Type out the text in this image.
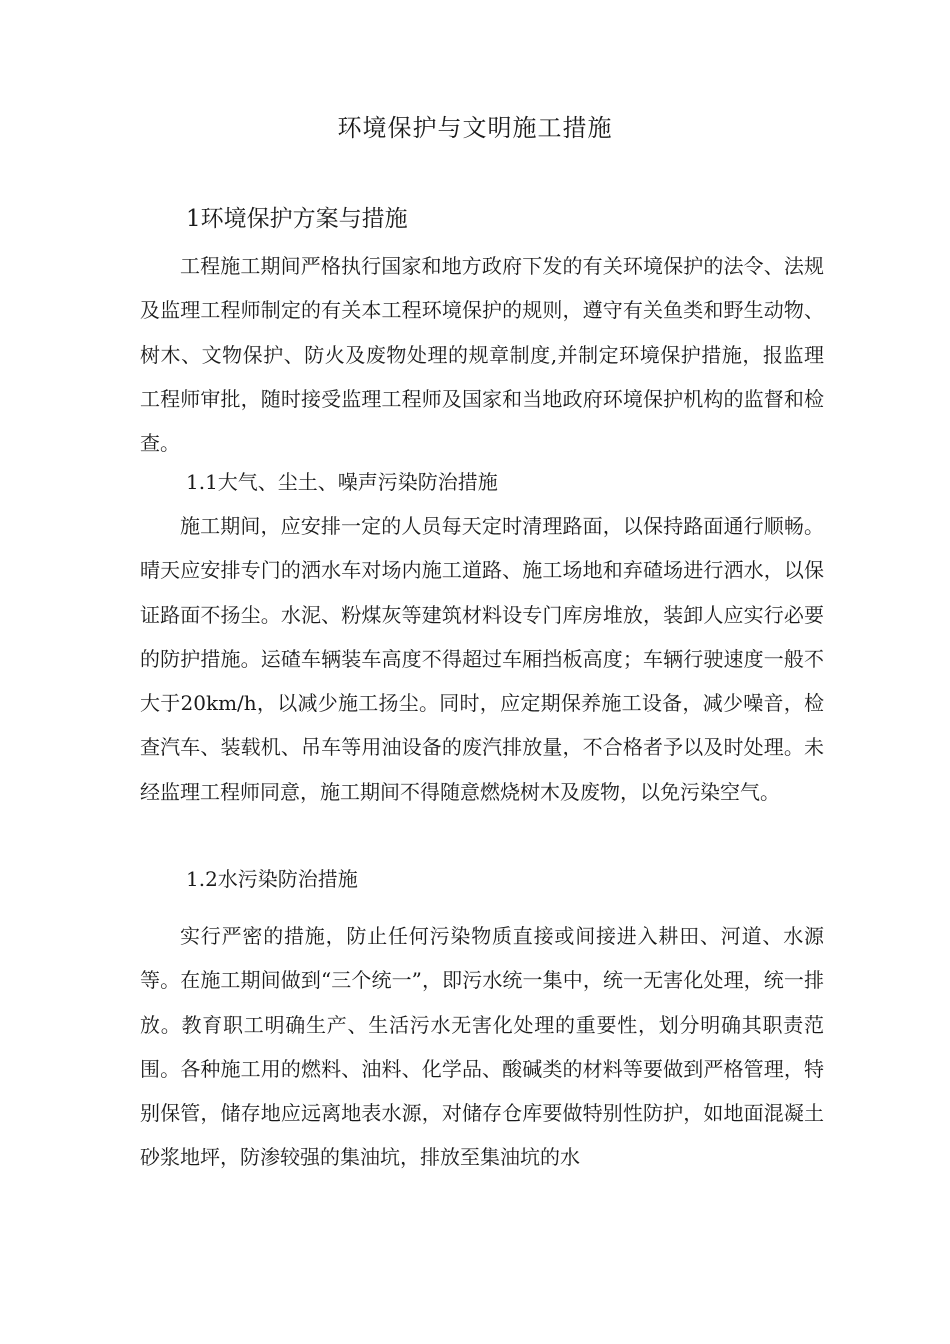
环境保护与文明施工措施
1环境保护方案与措施

工程施工期间严格执行国家和地方政府下发的有关环境保护的法令、法规及监理工程师制定的有关本工程环境保护的规则，遵守有关鱼类和野生动物、树木、文物保护、防火及废物处理的规章制度,并制定环境保护措施，报监理工程师审批，随时接受监理工程师及国家和当地政府环境保护机构的监督和检查。

1.1大气、尘土、噪声污染防治措施

施工期间，应安排一定的人员每天定时清理路面，以保持路面通行顺畅。晴天应安排专门的洒水车对场内施工道路、施工场地和弃碴场进行洒水，以保证路面不扬尘。水泥、粉煤灰等建筑材料设专门库房堆放，装卸人应实行必要的防护措施。运碴车辆装车高度不得超过车厢挡板高度；车辆行驶速度一般不大于20km/h，以减少施工扬尘。同时，应定期保养施工设备，减少噪音，检查汽车、装载机、吊车等用油设备的废汽排放量，不合格者予以及时处理。未经监理工程师同意，施工期间不得随意燃烧树木及废物，以免污染空气。

1.2水污染防治措施

实行严密的措施，防止任何污染物质直接或间接进入耕田、河道、水源等。在施工期间做到“三个统一”，即污水统一集中，统一无害化处理，统一排放。教育职工明确生产、生活污水无害化处理的重要性，划分明确其职责范围。各种施工用的燃料、油料、化学品、酸碱类的材料等要做到严格管理，特别保管，储存地应远离地表水源，对储存仓库要做特别性防护，如地面混凝土砂浆地坪，防渗较强的集油坑，排放至集油坑的水
